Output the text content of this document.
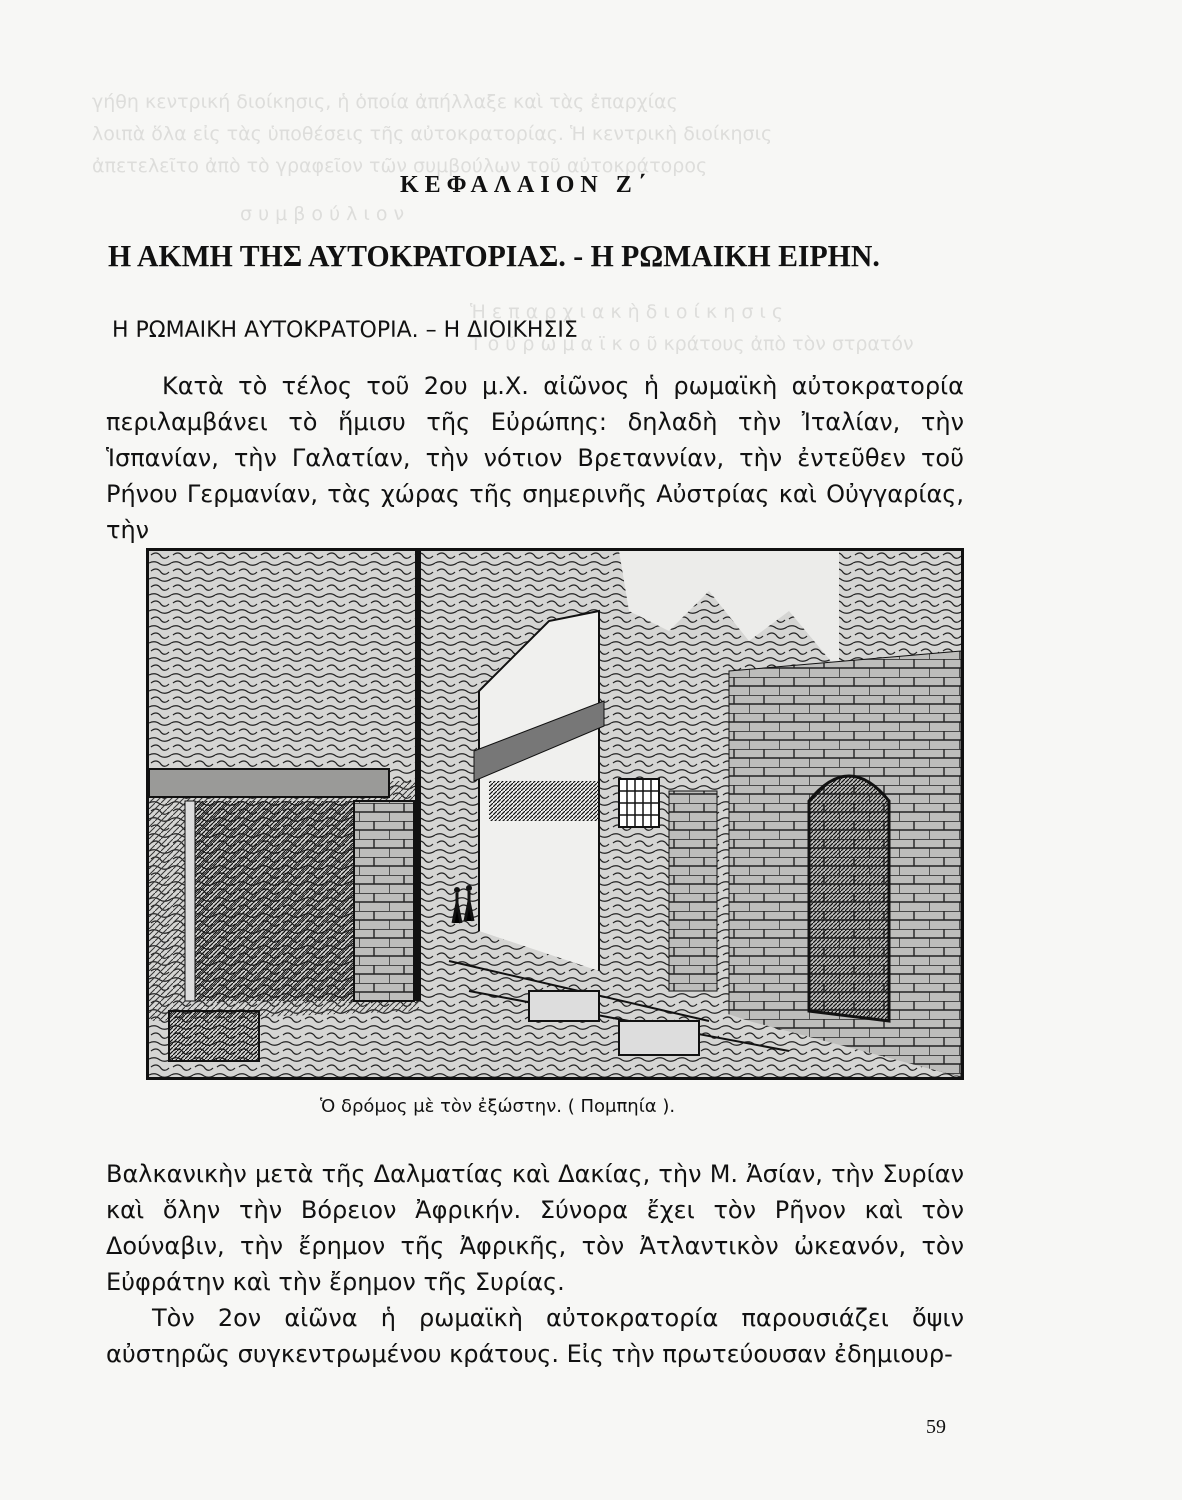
γήθη κεντρική διοίκησις, ἡ ὁποία ἀπήλλαξε καὶ τὰς ἐπαρχίας
λοιπὰ ὅλα εἰς τὰς ὑποθέσεις τῆς αὐτοκρατορίας. Ἡ κεντρικὴ διοίκησις
ἀπετελεῖτο ἀπὸ τὸ γραφεῖον τῶν συμβούλων τοῦ αὐτοκράτορος
σ υ μ β ο ύ λ ι ο ν
Ἡ ε π α ρ χ ι α κ ὴ δ ι ο ί κ η σ ι ς
Τ ο ῦ ρ ω μ α ϊ κ ο ῦ κράτους ἀπὸ τὸν στρατόν
ΚΕΦΑΛΑΙΟΝ Ζ΄
Η ΑΚΜΗ ΤΗΣ ΑΥΤΟΚΡΑΤΟΡΙΑΣ. - Η ΡΩΜΑΙΚΗ ΕΙΡΗΝ.
Η ΡΩΜΑΙΚΗ ΑΥΤΟΚΡΑΤΟΡΙΑ. – Η ΔΙΟΙΚΗΣΙΣ
Κατὰ τὸ τέλος τοῦ 2ου μ.Χ. αἰῶνος ἡ ρωμαϊκὴ αὐτοκρατορία περιλαμβάνει τὸ ἥμισυ τῆς Εὐρώπης: δηλαδὴ τὴν Ἰταλίαν, τὴν Ἱσπανίαν, τὴν Γαλατίαν, τὴν νότιον Βρεταννίαν, τὴν ἐντεῦθεν τοῦ Ρήνου Γερμανίαν, τὰς χώρας τῆς σημερινῆς Αὐστρίας καὶ Οὐγγαρίας, τὴν
Ὁ δρόμος μὲ τὸν ἐξώστην. ( Πομπηία ).
Βαλκανικὴν μετὰ τῆς Δαλματίας καὶ Δακίας, τὴν Μ. Ἀσίαν, τὴν Συρίαν καὶ ὅλην τὴν Βόρειον Ἀφρικήν. Σύνορα ἔχει τὸν Ρῆνον καὶ τὸν Δούναβιν, τὴν ἔρημον τῆς Ἀφρικῆς, τὸν Ἀτλαντικὸν ὠκεανόν, τὸν Εὐφράτην καὶ τὴν ἔρημον τῆς Συρίας.
Τὸν 2ον αἰῶνα ἡ ρωμαϊκὴ αὐτοκρατορία παρουσιάζει ὄψιν αὐστηρῶς συγκεντρωμένου κράτους. Εἰς τὴν πρωτεύουσαν ἐδημιουρ-
59
